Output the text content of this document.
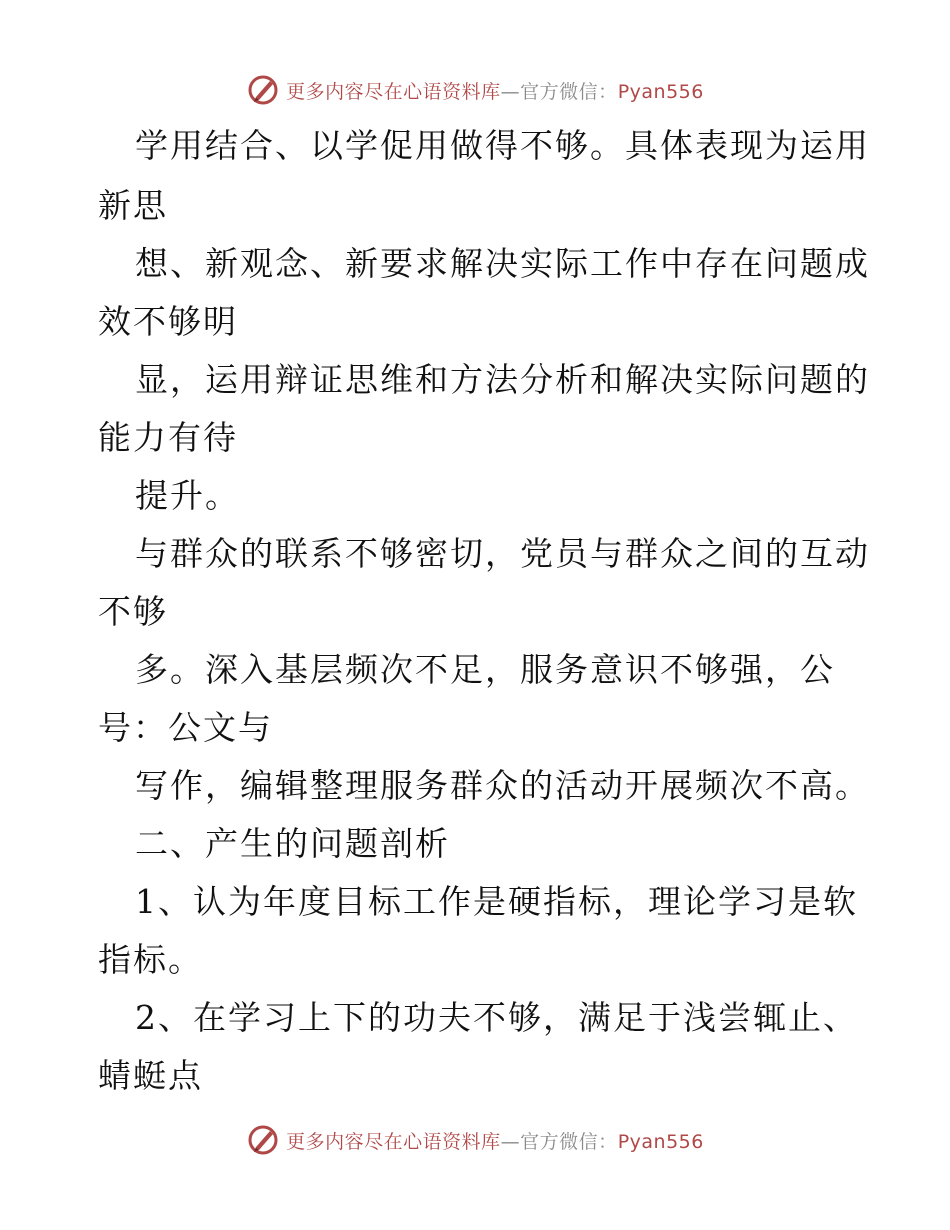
更多内容尽在心语资料库—官方微信：Pyan556
学用结合、以学促用做得不够。具体表现为运用
新思
想、新观念、新要求解决实际工作中存在问题成
效不够明
显，运用辩证思维和方法分析和解决实际问题的
能力有待
提升。
与群众的联系不够密切，党员与群众之间的互动
不够
多。深入基层频次不足，服务意识不够强，公
号：公文与
写作，编辑整理服务群众的活动开展频次不高。
二、产生的问题剖析
1、认为年度目标工作是硬指标，理论学习是软
指标。
2、在学习上下的功夫不够，满足于浅尝辄止、
蜻蜓点
更多内容尽在心语资料库—官方微信：Pyan556
